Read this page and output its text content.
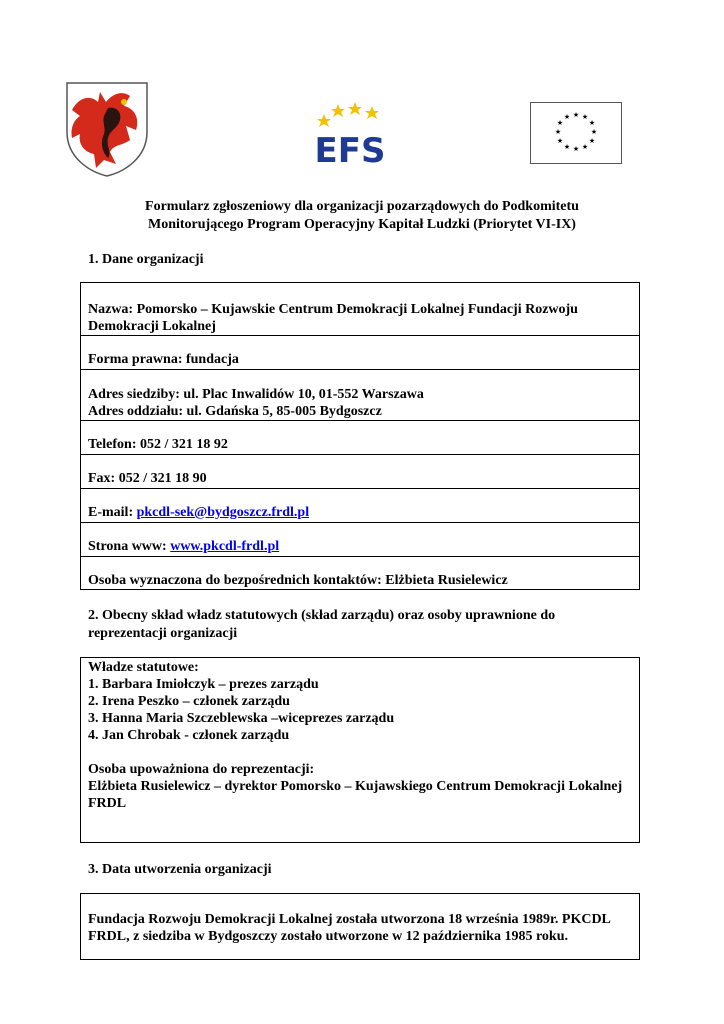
EFS
★ ★
★
★
★
★
★
★
★
★
★
★
Formularz zgłoszeniowy dla organizacji pozarządowych do Podkomitetu
Monitorującego Program Operacyjny Kapitał Ludzki (Priorytet VI-IX)
1. Dane organizacji
Nazwa: Pomorsko – Kujawskie Centrum Demokracji Lokalnej Fundacji Rozwoju Demokracji Lokalnej
Forma prawna: fundacja
Adres siedziby: ul. Plac Inwalidów 10, 01-552 Warszawa
Adres oddziału: ul. Gdańska 5, 85-005 Bydgoszcz
Telefon: 052 / 321 18 92
Fax: 052 / 321 18 90
E-mail: pkcdl-sek@bydgoszcz.frdl.pl
Strona www: www.pkcdl-frdl.pl
Osoba wyznaczona do bezpośrednich kontaktów: Elżbieta Rusielewicz
2. Obecny skład władz statutowych (skład zarządu) oraz osoby uprawnione do
reprezentacji organizacji
Władze statutowe:
1. Barbara Imiołczyk – prezes zarządu
2. Irena Peszko – członek zarządu
3. Hanna Maria Szczeblewska –wiceprezes zarządu
4. Jan Chrobak - członek zarządu
Osoba upoważniona do reprezentacji:
Elżbieta Rusielewicz – dyrektor Pomorsko – Kujawskiego Centrum Demokracji Lokalnej FRDL
3. Data utworzenia organizacji
Fundacja Rozwoju Demokracji Lokalnej została utworzona 18 września 1989r. PKCDL FRDL, z siedziba w Bydgoszczy zostało utworzone w 12 października 1985 roku.
